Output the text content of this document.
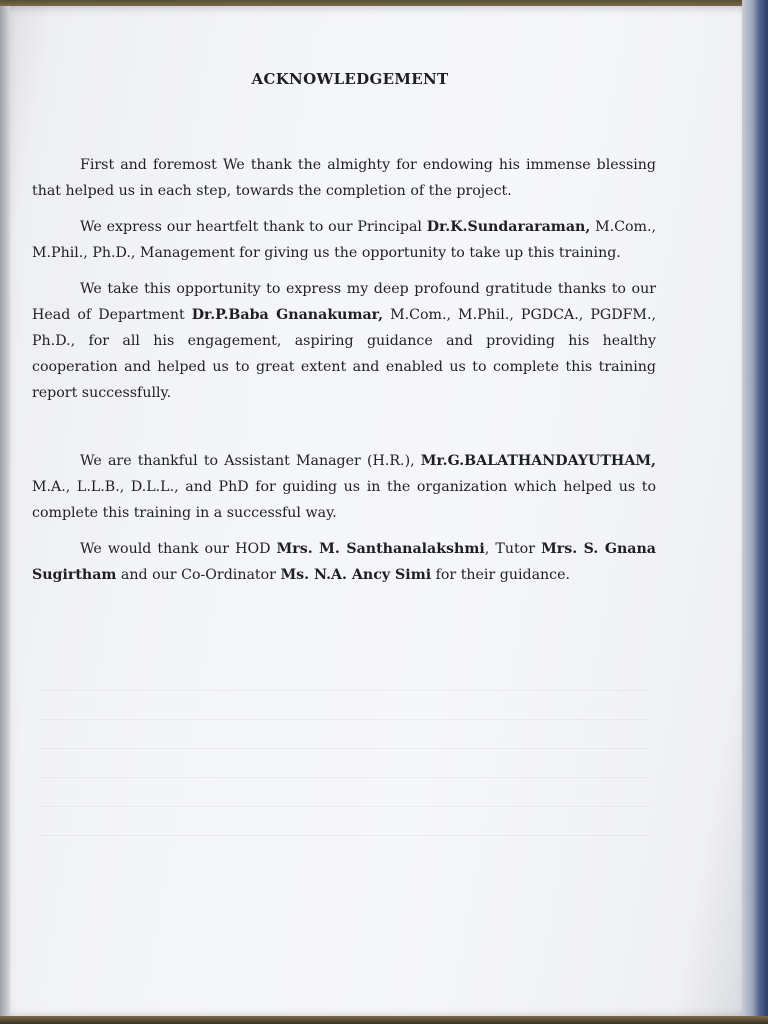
ACKNOWLEDGEMENT

First and foremost We thank the almighty for endowing his immense blessing that helped us in each step, towards the completion of the project.

We express our heartfelt thank to our Principal Dr.K.Sundararaman, M.Com., M.Phil., Ph.D., Management for giving us the opportunity to take up this training.

We take this opportunity to express my deep profound gratitude thanks to our Head of Department Dr.P.Baba Gnanakumar, M.Com., M.Phil., PGDCA., PGDFM., Ph.D., for all his engagement, aspiring guidance and providing his healthy cooperation and helped us to great extent and enabled us to complete this training report successfully.

We are thankful to Assistant Manager (H.R.), Mr.G.BALATHANDAYUTHAM, M.A., L.L.B., D.L.L., and PhD for guiding us in the organization which helped us to complete this training in a successful way.

We would thank our HOD Mrs. M. Santhanalakshmi, Tutor Mrs. S. Gnana Sugirtham and our Co-Ordinator Ms. N.A. Ancy Simi for their guidance.
